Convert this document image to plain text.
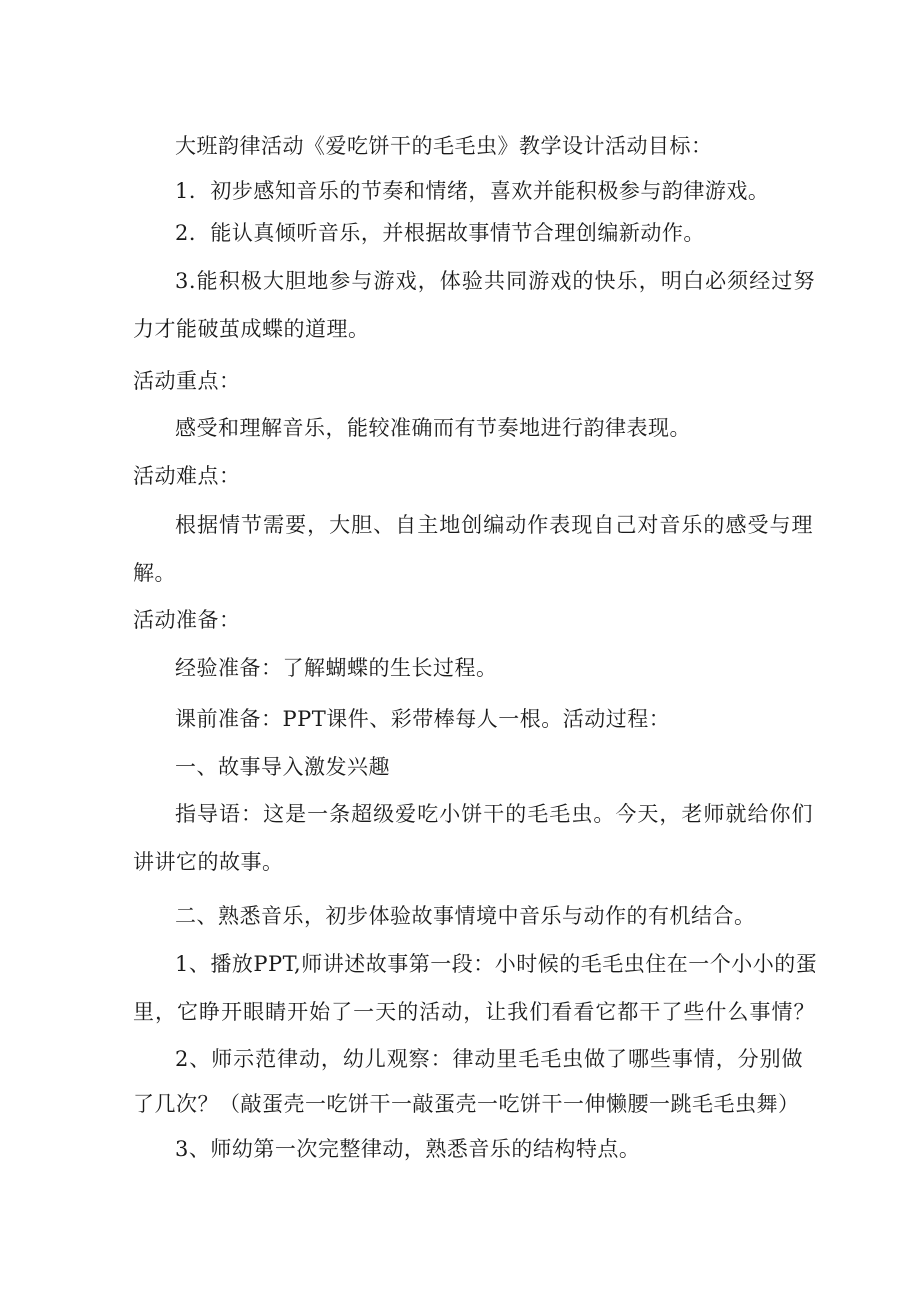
大班韵律活动《爱吃饼干的毛毛虫》教学设计活动目标：
1．初步感知音乐的节奏和情绪，喜欢并能积极参与韵律游戏。
2．能认真倾听音乐，并根据故事情节合理创编新动作。
3.能积极大胆地参与游戏，体验共同游戏的快乐，明白必须经过努
力才能破茧成蝶的道理。
活动重点：
感受和理解音乐，能较准确而有节奏地进行韵律表现。
活动难点：
根据情节需要，大胆、自主地创编动作表现自己对音乐的感受与理
解。
活动准备：
经验准备：了解蝴蝶的生长过程。
课前准备：PPT课件、彩带棒每人一根。活动过程：
一、故事导入激发兴趣
指导语：这是一条超级爱吃小饼干的毛毛虫。今天，老师就给你们
讲讲它的故事。
二、熟悉音乐，初步体验故事情境中音乐与动作的有机结合。
1、播放PPT,师讲述故事第一段：小时候的毛毛虫住在一个小小的蛋
里，它睁开眼睛开始了一天的活动，让我们看看它都干了些什么事情？
2、师示范律动，幼儿观察：律动里毛毛虫做了哪些事情，分别做
了几次？（敲蛋壳一吃饼干一敲蛋壳一吃饼干一伸懒腰一跳毛毛虫舞）
3、师幼第一次完整律动，熟悉音乐的结构特点。
